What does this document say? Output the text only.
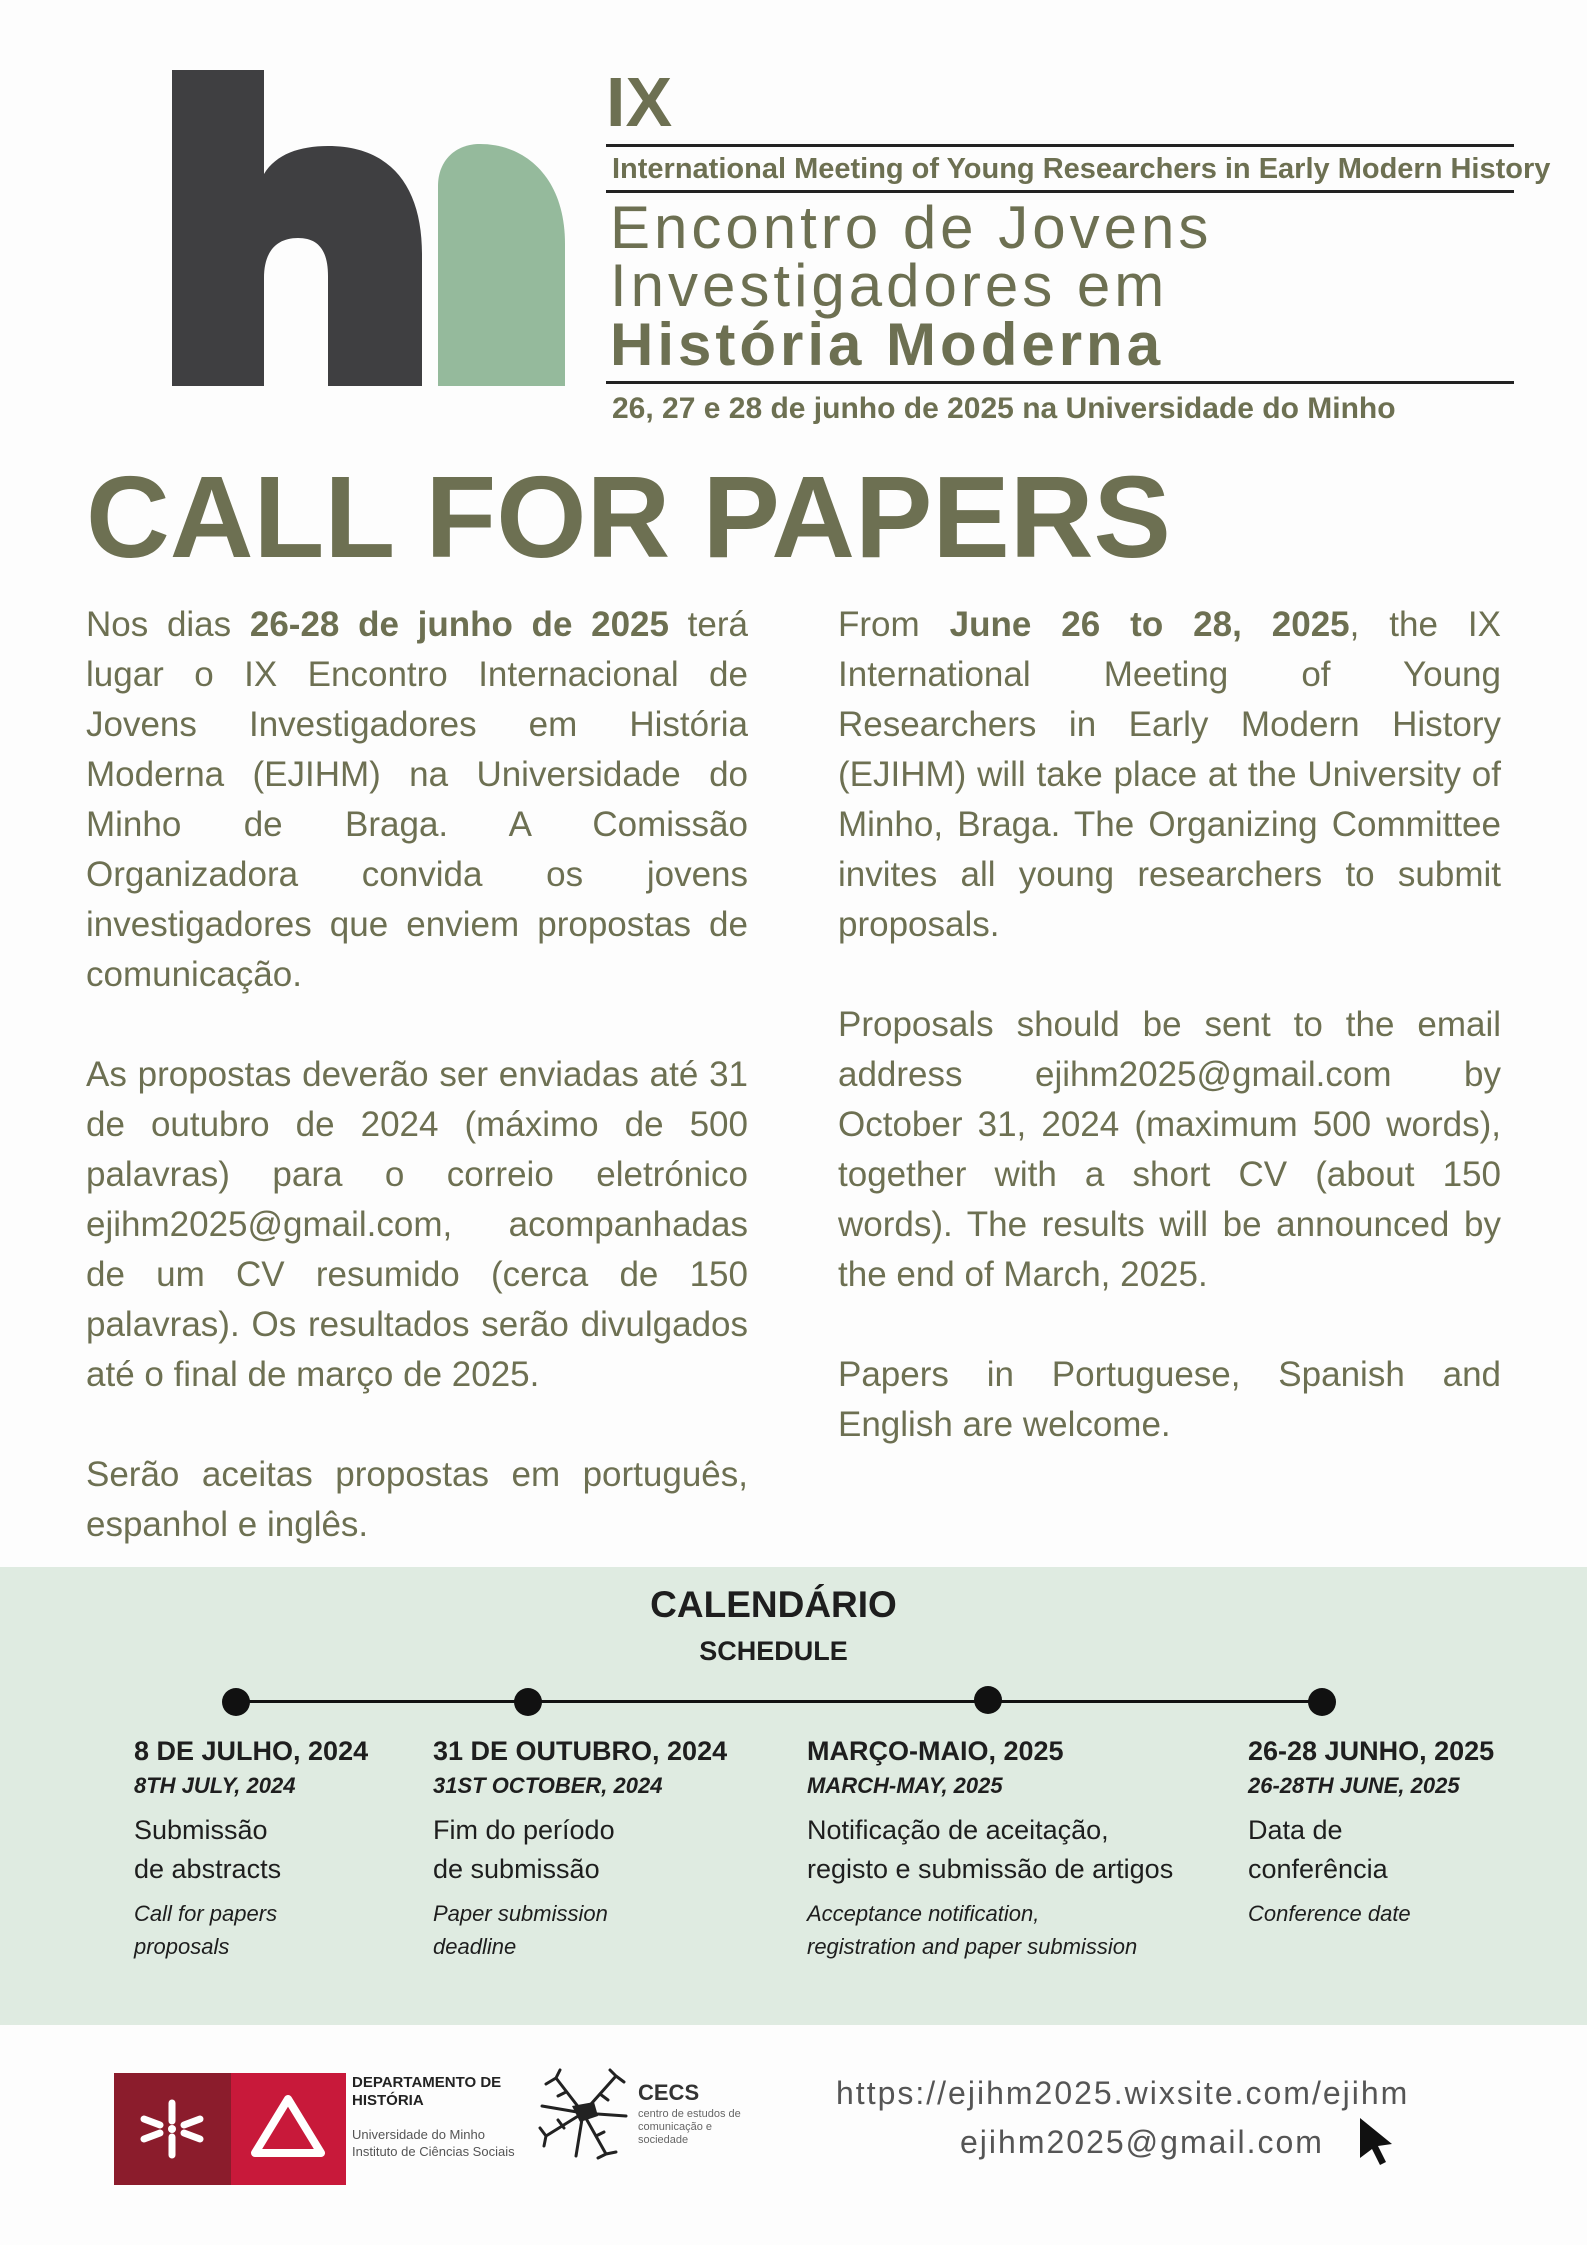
IX
International Meeting of Young Researchers in Early Modern History
Encontro de Jovens
Investigadores em
História Moderna
26, 27 e 28 de junho de 2025 na Universidade do Minho
CALL FOR PAPERS

Nos dias 26-28 de junho de 2025 terá lugar o IX Encontro Internacional de Jovens Investigadores em História Moderna (EJIHM) na Universidade do Minho de Braga. A Comissão Organizadora convida os jovens investigadores que enviem propostas de comunicação.

As propostas deverão ser enviadas até 31 de outubro de 2024 (máximo de 500 palavras) para o correio eletrónico ejihm2025@gmail.com, acompanhadas de um CV resumido (cerca de 150 palavras). Os resultados serão divulgados até o final de março de 2025.

Serão aceitas propostas em português, espanhol e inglês.

From June 26 to 28, 2025, the IX International Meeting of Young Researchers in Early Modern History (EJIHM) will take place at the University of Minho, Braga. The Organizing Committee invites all young researchers to submit proposals.

Proposals should be sent to the email address ejihm2025@gmail.com by October 31, 2024 (maximum 500 words), together with a short CV (about 150 words). The results will be announced by the end of March, 2025.

Papers in Portuguese, Spanish and English are welcome.

CALENDÁRIO
SCHEDULE
8 DE JULHO, 2024
8TH JULY, 2024
Submissão
de abstracts
Call for papers
proposals
31 DE OUTUBRO, 2024
31ST OCTOBER, 2024
Fim do período
de submissão
Paper submission
deadline
MARÇO-MAIO, 2025
MARCH-MAY, 2025
Notificação de aceitação,
registo e submissão de artigos
Acceptance notification,
registration and paper submission
26-28 JUNHO, 2025
26-28TH JUNE, 2025
Data de
conferência
Conference date
DEPARTAMENTO DE HISTÓRIA
Universidade do Minho Instituto de Ciências Sociais
CECS
centro de estudos de comunicação e sociedade
https://ejihm2025.wixsite.com/ejihm
ejihm2025@gmail.com
